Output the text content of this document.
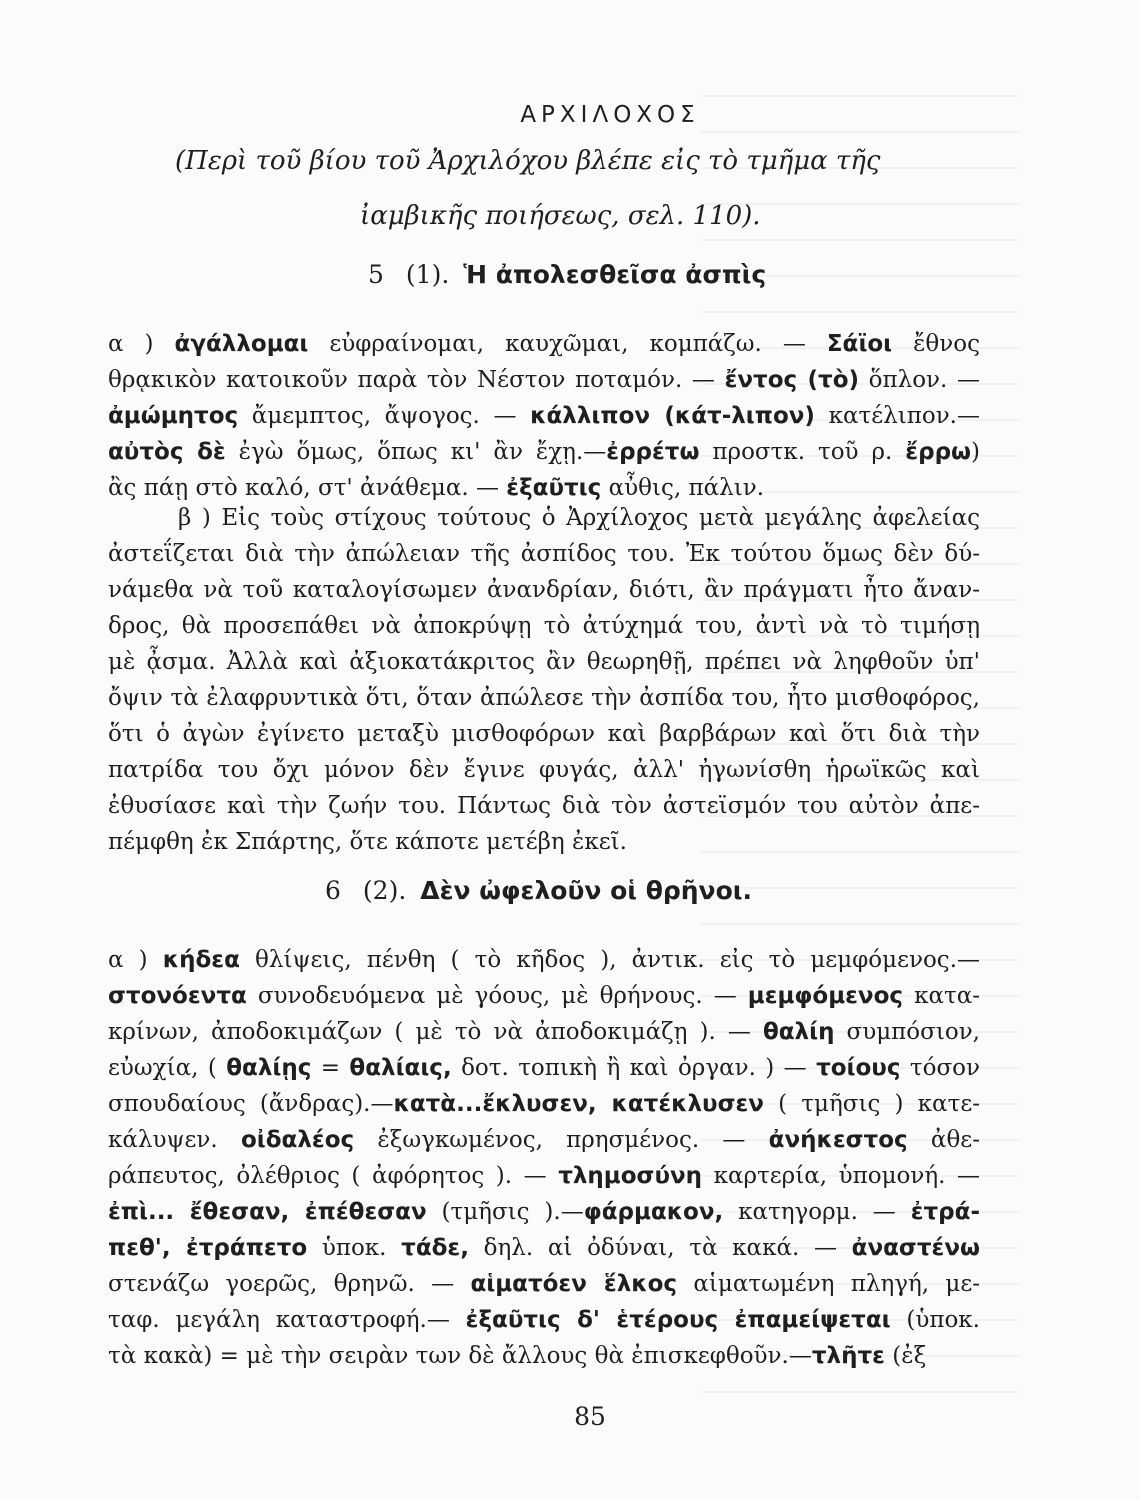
ΑΡΧΙΛΟΧΟΣ
(Περὶ τοῦ βίου τοῦ Ἀρχιλόχου βλέπε εἰς τὸ τμῆμα τῆς
ἰαμβικῆς ποιήσεως, σελ. 110).
5 (1). Ἡ ἀπολεσθεῖσα ἀσπὶς
α ) ἀγάλλομαι εὐφραίνομαι, καυχῶμαι, κομπάζω. — Σάϊοι ἔθνος
θρᾳκικὸν κατοικοῦν παρὰ τὸν Νέστον ποταμόν. — ἔντος (τὸ) ὅπλον. —
ἀμώμητος ἄμεμπτος, ἄψογος. — κάλλιπον (κάτ-λιπον) κατέλιπον.—
αὐτὸς δὲ ἐγὼ ὅμως, ὅπως κι' ἂν ἔχῃ.—ἐρρέτω προστκ. τοῦ ρ. ἔρρω)
ἂς πάῃ στὸ καλό, στ' ἀνάθεμα. — ἐξαῦτις αὖθις, πάλιν.
β ) Εἰς τοὺς στίχους τούτους ὁ Ἀρχίλοχος μετὰ μεγάλης ἀφελείας
ἀστεΐζεται διὰ τὴν ἀπώλειαν τῆς ἀσπίδος του. Ἐκ τούτου ὅμως δὲν δύ-
νάμεθα νὰ τοῦ καταλογίσωμεν ἀνανδρίαν, διότι, ἂν πράγματι ἦτο ἄναν-
δρος, θὰ προσεπάθει νὰ ἀποκρύψῃ τὸ ἀτύχημά του, ἀντὶ νὰ τὸ τιμήσῃ
μὲ ᾆσμα. Ἀλλὰ καὶ ἀξιοκατάκριτος ἂν θεωρηθῇ, πρέπει νὰ ληφθοῦν ὑπ'
ὄψιν τὰ ἐλαφρυντικὰ ὅτι, ὅταν ἀπώλεσε τὴν ἀσπίδα του, ἦτο μισθοφόρος,
ὅτι ὁ ἀγὼν ἐγίνετο μεταξὺ μισθοφόρων καὶ βαρβάρων καὶ ὅτι διὰ τὴν
πατρίδα του ὄχι μόνον δὲν ἔγινε φυγάς, ἀλλ' ἠγωνίσθη ἡρωϊκῶς καὶ
ἐθυσίασε καὶ τὴν ζωήν του. Πάντως διὰ τὸν ἀστεϊσμόν του αὐτὸν ἀπε-
πέμφθη ἐκ Σπάρτης, ὅτε κάποτε μετέβη ἐκεῖ.
6 (2). Δὲν ὠφελοῦν οἱ θρῆνοι.
α ) κήδεα θλίψεις, πένθη ( τὸ κῆδος ), ἀντικ. εἰς τὸ μεμφόμενος.—
στονόεντα συνοδευόμενα μὲ γόους, μὲ θρήνους. — μεμφόμενος κατα-
κρίνων, ἀποδοκιμάζων ( μὲ τὸ νὰ ἀποδοκιμάζῃ ). — θαλίη συμπόσιον,
εὐωχία, ( θαλίῃς = θαλίαις, δοτ. τοπικὴ ἢ καὶ ὀργαν. ) — τοίους τόσον
σπουδαίους (ἄνδρας).—κατὰ...ἔκλυσεν, κατέκλυσεν ( τμῆσις ) κατε-
κάλυψεν. οἰδαλέος ἐξωγκωμένος, πρησμένος. — ἀνήκεστος ἀθε-
ράπευτος, ὀλέθριος ( ἀφόρητος ). — τλημοσύνη καρτερία, ὑπομονή. —
ἐπὶ... ἔθεσαν, ἐπέθεσαν (τμῆσις ).—φάρμακον, κατηγορμ. — ἐτρά-
πεθ', ἐτράπετο ὑποκ. τάδε, δηλ. αἱ ὀδύναι, τὰ κακά. — ἀναστένω
στενάζω γοερῶς, θρηνῶ. — αἱματόεν ἕλκος αἱματωμένη πληγή, με-
ταφ. μεγάλη καταστροφή.— ἐξαῦτις δ' ἑτέρους ἐπαμείψεται (ὑποκ.
τὰ κακὰ) = μὲ τὴν σειρὰν των δὲ ἄλλους θὰ ἐπισκεφθοῦν.—τλῆτε (ἐξ
85
